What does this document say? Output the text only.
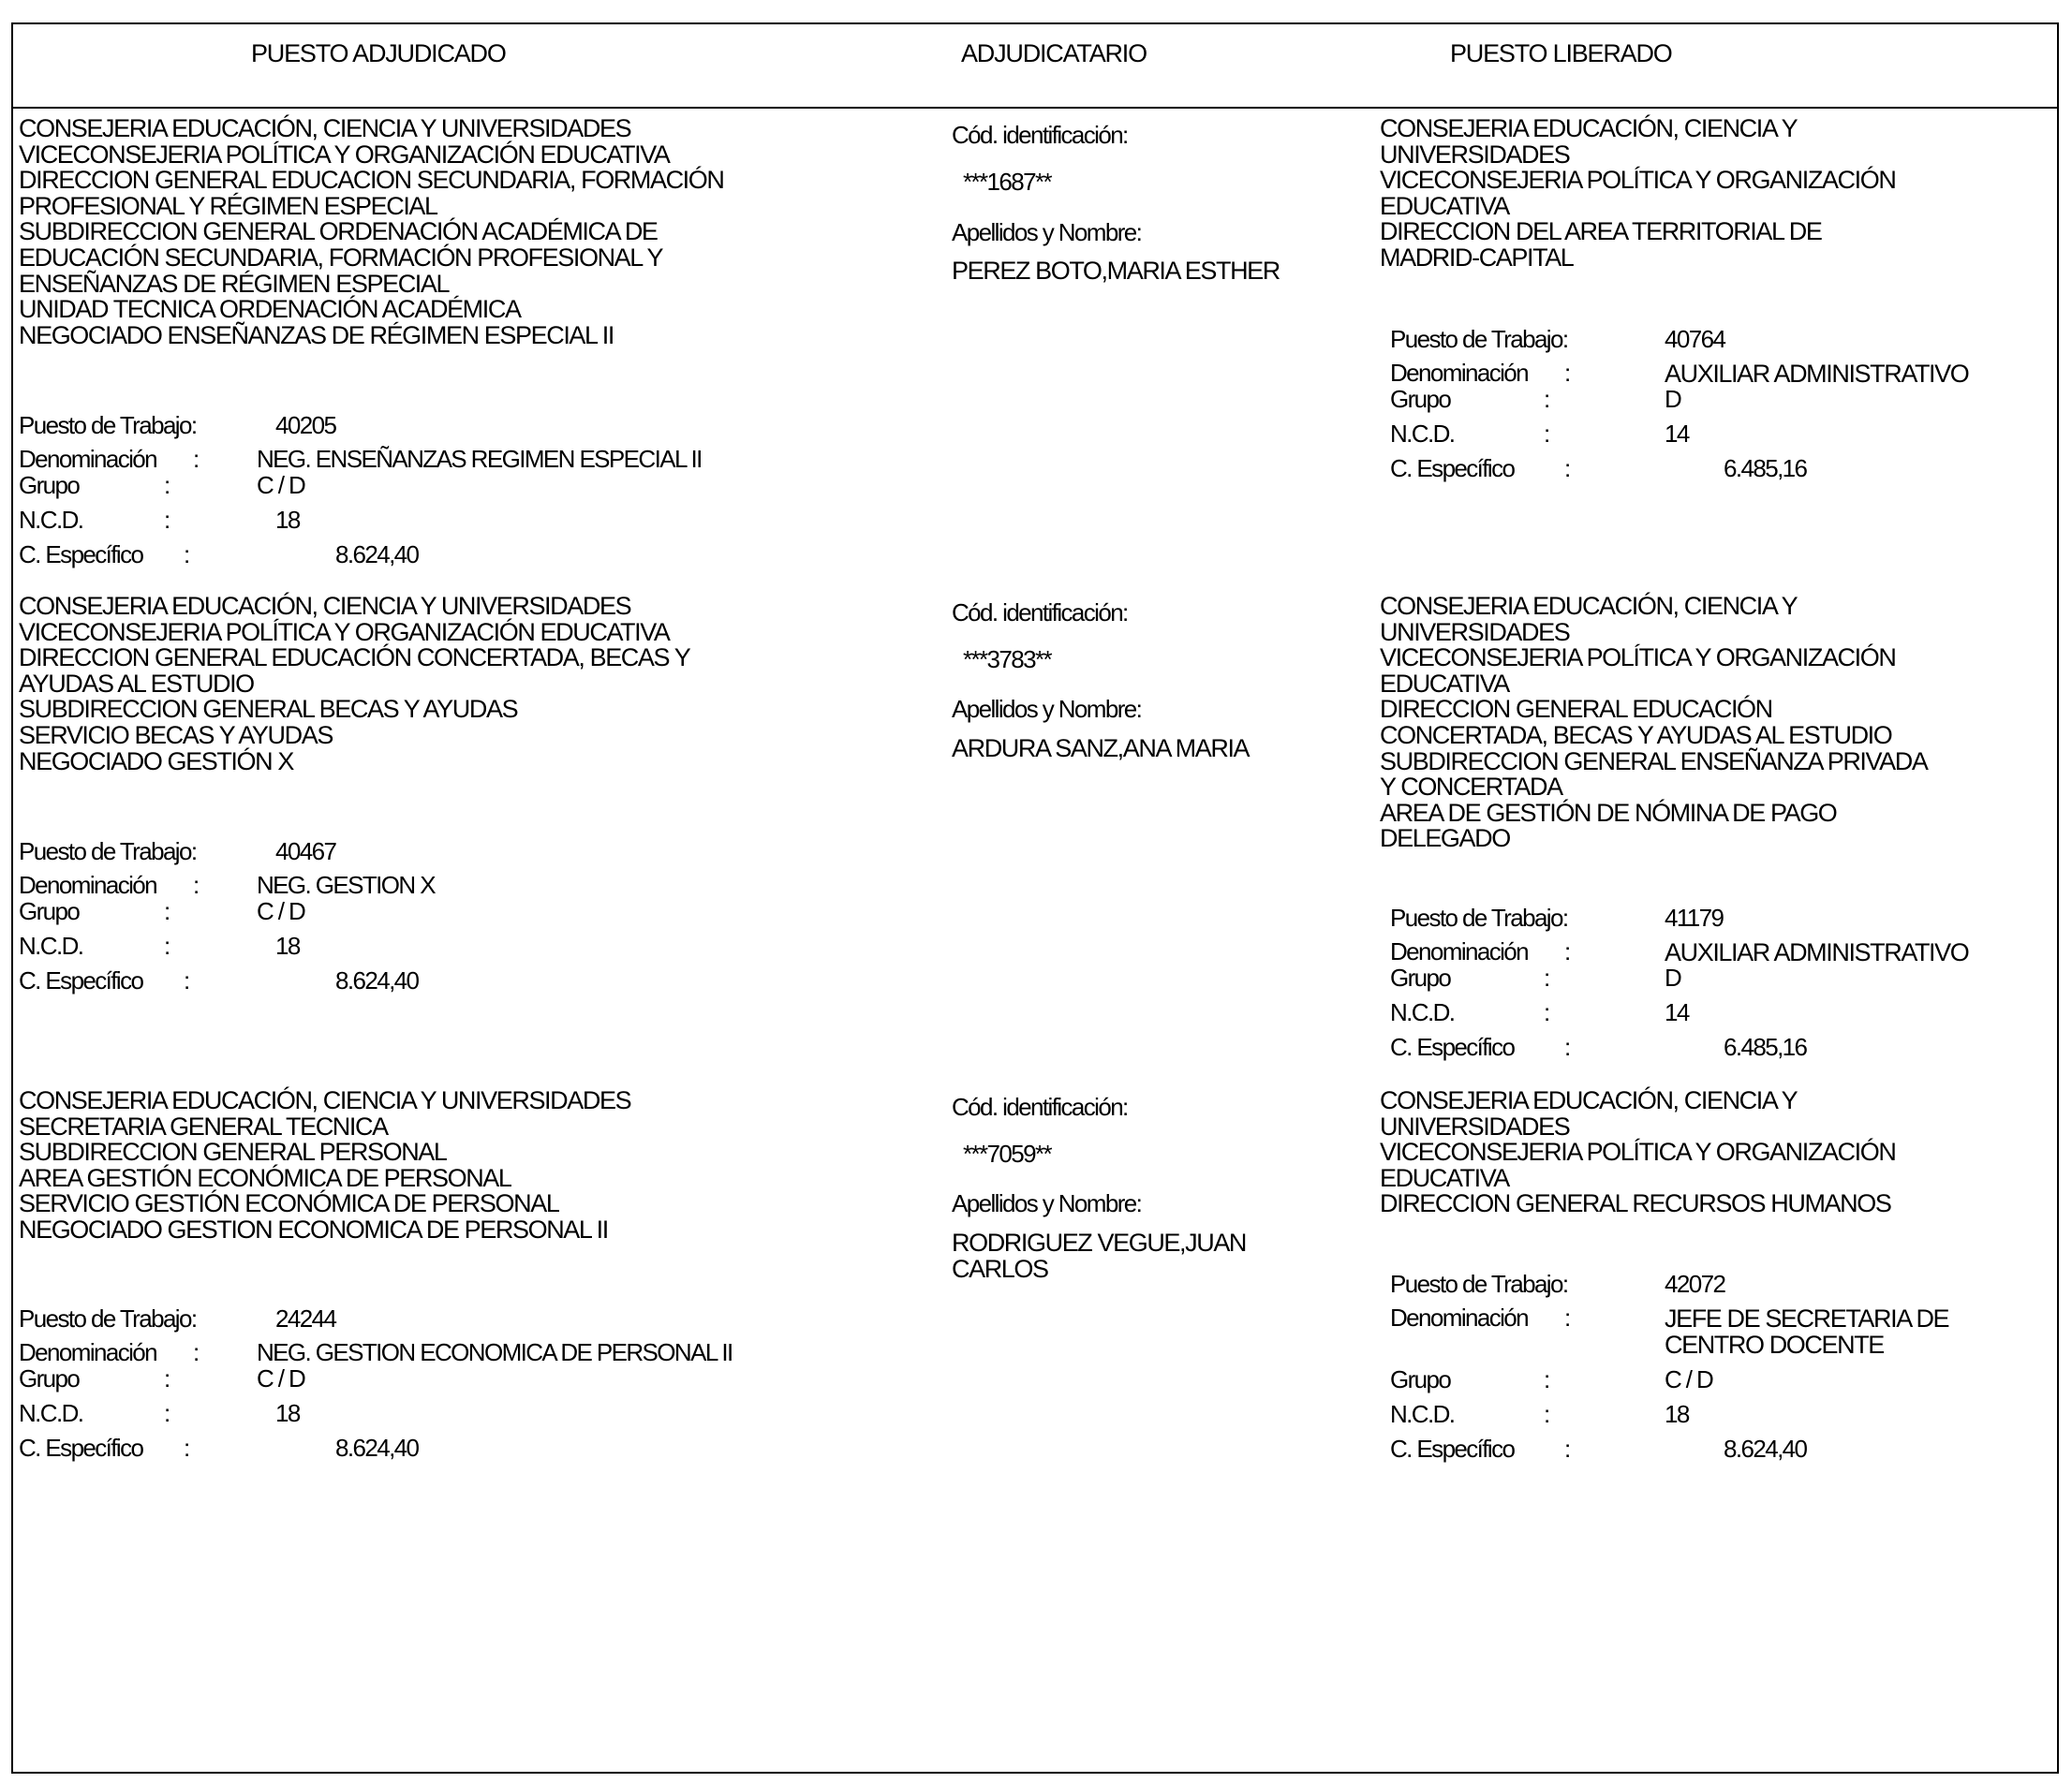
PUESTO ADJUDICADO	ADJUDICATARIO	PUESTO LIBERADO
CONSEJERIA EDUCACIÓN, CIENCIA Y UNIVERSIDADES
VICECONSEJERIA POLÍTICA Y ORGANIZACIÓN EDUCATIVA
DIRECCION GENERAL EDUCACION SECUNDARIA, FORMACIÓN
PROFESIONAL Y RÉGIMEN ESPECIAL
SUBDIRECCION GENERAL ORDENACIÓN ACADÉMICA DE
EDUCACIÓN SECUNDARIA, FORMACIÓN PROFESIONAL Y
ENSEÑANZAS DE RÉGIMEN ESPECIAL
UNIDAD TECNICA ORDENACIÓN ACADÉMICA
NEGOCIADO ENSEÑANZAS DE RÉGIMEN ESPECIAL II
Puesto de Trabajo:	40205
Denominación : NEG. ENSEÑANZAS REGIMEN ESPECIAL II
Grupo	:	C / D
N.C.D.	:	18
C. Específico :	8.624,40
Cód. identificación:
***1687**
Apellidos y Nombre:
PEREZ BOTO,MARIA ESTHER
CONSEJERIA EDUCACIÓN, CIENCIA Y
UNIVERSIDADES
VICECONSEJERIA POLÍTICA Y ORGANIZACIÓN
EDUCATIVA
DIRECCION DEL AREA TERRITORIAL DE
MADRID-CAPITAL
Puesto de Trabajo:	40764
Denominación :	AUXILIAR ADMINISTRATIVO
Grupo	:	D
N.C.D.	:	14
C. Específico :	6.485,16
CONSEJERIA EDUCACIÓN, CIENCIA Y UNIVERSIDADES
VICECONSEJERIA POLÍTICA Y ORGANIZACIÓN EDUCATIVA
DIRECCION GENERAL EDUCACIÓN CONCERTADA, BECAS Y
AYUDAS AL ESTUDIO
SUBDIRECCION GENERAL BECAS Y AYUDAS
SERVICIO BECAS Y AYUDAS
NEGOCIADO GESTIÓN X
Puesto de Trabajo:	40467
Denominación : NEG. GESTION X
Grupo	:	C / D
N.C.D.	:	18
C. Específico :	8.624,40
Cód. identificación:
***3783**
Apellidos y Nombre:
ARDURA SANZ,ANA MARIA
CONSEJERIA EDUCACIÓN, CIENCIA Y
UNIVERSIDADES
VICECONSEJERIA POLÍTICA Y ORGANIZACIÓN
EDUCATIVA
DIRECCION GENERAL EDUCACIÓN
CONCERTADA, BECAS Y AYUDAS AL ESTUDIO
SUBDIRECCION GENERAL ENSEÑANZA PRIVADA
Y CONCERTADA
AREA DE GESTIÓN DE NÓMINA DE PAGO
DELEGADO
Puesto de Trabajo:	41179
Denominación :	AUXILIAR ADMINISTRATIVO
Grupo	:	D
N.C.D.	:	14
C. Específico :	6.485,16
CONSEJERIA EDUCACIÓN, CIENCIA Y UNIVERSIDADES
SECRETARIA GENERAL TECNICA
SUBDIRECCION GENERAL PERSONAL
AREA GESTIÓN ECONÓMICA DE PERSONAL
SERVICIO GESTIÓN ECONÓMICA DE PERSONAL
NEGOCIADO GESTION ECONOMICA DE PERSONAL II
Puesto de Trabajo:	24244
Denominación : NEG. GESTION ECONOMICA DE PERSONAL II
Grupo	:	C / D
N.C.D.	:	18
C. Específico :	8.624,40
Cód. identificación:
***7059**
Apellidos y Nombre:
RODRIGUEZ VEGUE,JUAN
CARLOS
CONSEJERIA EDUCACIÓN, CIENCIA Y
UNIVERSIDADES
VICECONSEJERIA POLÍTICA Y ORGANIZACIÓN
EDUCATIVA
DIRECCION GENERAL RECURSOS HUMANOS
Puesto de Trabajo:	42072
Denominación :	JEFE DE SECRETARIA DE
CENTRO DOCENTE
Grupo	:	C / D
N.C.D.	:	18
C. Específico :	8.624,40
